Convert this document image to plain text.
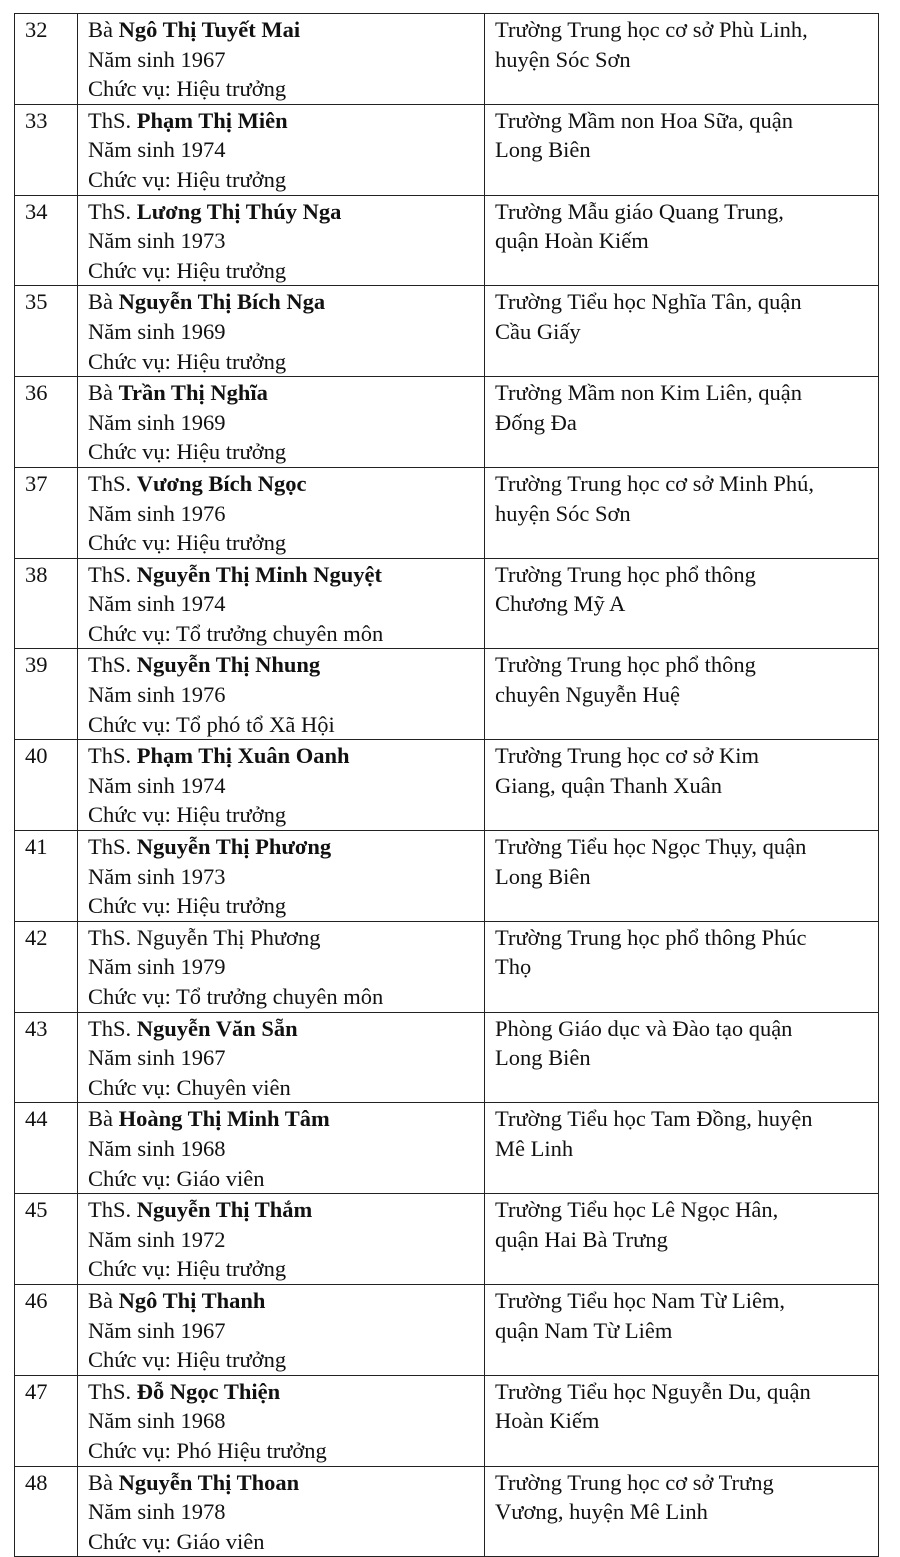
32	Bà Ngô Thị Tuyết Mai
Năm sinh 1967
Chức vụ: Hiệu trưởng	Trường Trung học cơ sở Phù Linh,
huyện Sóc Sơn

33	ThS. Phạm Thị Miên
Năm sinh 1974
Chức vụ: Hiệu trưởng	Trường Mầm non Hoa Sữa, quận
Long Biên

34	ThS. Lương Thị Thúy Nga
Năm sinh 1973
Chức vụ: Hiệu trưởng	Trường Mẫu giáo Quang Trung,
quận Hoàn Kiếm

35	Bà Nguyễn Thị Bích Nga
Năm sinh 1969
Chức vụ: Hiệu trưởng	Trường Tiểu học Nghĩa Tân, quận
Cầu Giấy

36	Bà Trần Thị Nghĩa
Năm sinh 1969
Chức vụ: Hiệu trưởng	Trường Mầm non Kim Liên, quận
Đống Đa

37	ThS. Vương Bích Ngọc
Năm sinh 1976
Chức vụ: Hiệu trưởng	Trường Trung học cơ sở Minh Phú,
huyện Sóc Sơn

38	ThS. Nguyễn Thị Minh Nguyệt
Năm sinh 1974
Chức vụ: Tổ trưởng chuyên môn	Trường Trung học phổ thông
Chương Mỹ A

39	ThS. Nguyễn Thị Nhung
Năm sinh 1976
Chức vụ: Tổ phó tổ Xã Hội	Trường Trung học phổ thông
chuyên Nguyễn Huệ

40	ThS. Phạm Thị Xuân Oanh
Năm sinh 1974
Chức vụ: Hiệu trưởng	Trường Trung học cơ sở Kim
Giang, quận Thanh Xuân

41	ThS. Nguyễn Thị Phương
Năm sinh 1973
Chức vụ: Hiệu trưởng	Trường Tiểu học Ngọc Thụy, quận
Long Biên

42	ThS. Nguyễn Thị Phương
Năm sinh 1979
Chức vụ: Tổ trưởng chuyên môn	Trường Trung học phổ thông Phúc
Thọ

43	ThS. Nguyễn Văn Sẵn
Năm sinh 1967
Chức vụ: Chuyên viên	Phòng Giáo dục và Đào tạo quận
Long Biên

44	Bà Hoàng Thị Minh Tâm
Năm sinh 1968
Chức vụ: Giáo viên	Trường Tiểu học Tam Đồng, huyện
Mê Linh

45	ThS. Nguyễn Thị Thắm
Năm sinh 1972
Chức vụ: Hiệu trưởng	Trường Tiểu học Lê Ngọc Hân,
quận Hai Bà Trưng

46	Bà Ngô Thị Thanh
Năm sinh 1967
Chức vụ: Hiệu trưởng	Trường Tiểu học Nam Từ Liêm,
quận Nam Từ Liêm

47	ThS. Đỗ Ngọc Thiện
Năm sinh 1968
Chức vụ: Phó Hiệu trưởng	Trường Tiểu học Nguyễn Du, quận
Hoàn Kiếm

48	Bà Nguyễn Thị Thoan
Năm sinh 1978
Chức vụ: Giáo viên	Trường Trung học cơ sở Trưng
Vương, huyện Mê Linh
